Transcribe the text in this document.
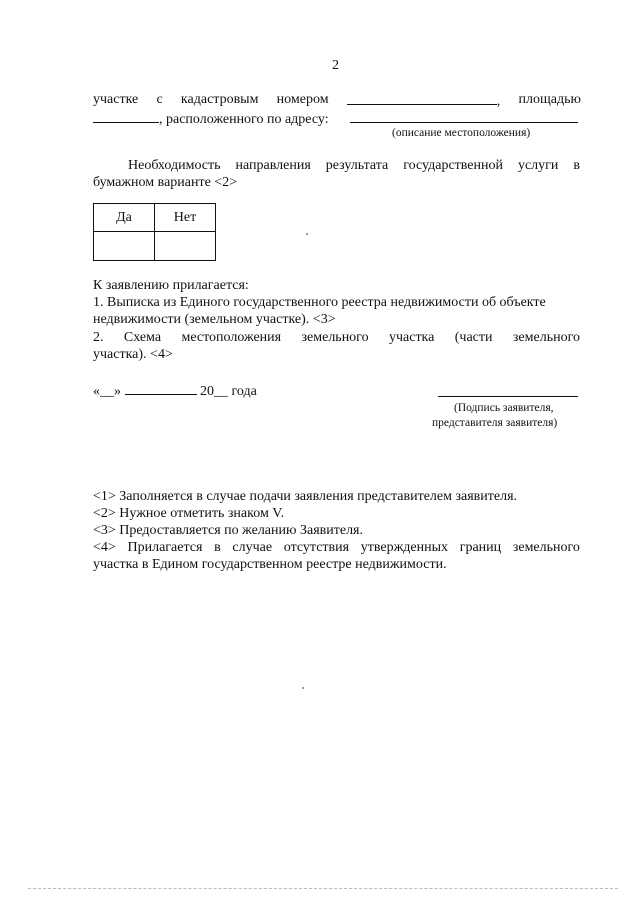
2
участке с кадастровым номером	, площадью
, расположенного по адресу:
(описание местоположения)
Необходимость направления результата государственной услуги в
бумажном варианте <2>
Да	Нет

К заявлению прилагается:
1. Выписка из Единого государственного реестра недвижимости об объекте
недвижимости (земельном участке). <3>
2. Схема местоположения земельного участка (части земельного
участка). <4>
«__»	20__ года
(Подпись заявителя,
представителя заявителя)
<1> Заполняется в случае подачи заявления представителем заявителя.
<2> Нужное отметить знаком V.
<3> Предоставляется по желанию Заявителя.
<4> Прилагается в случае отсутствия утвержденных границ земельного
участка в Едином государственном реестре недвижимости.
